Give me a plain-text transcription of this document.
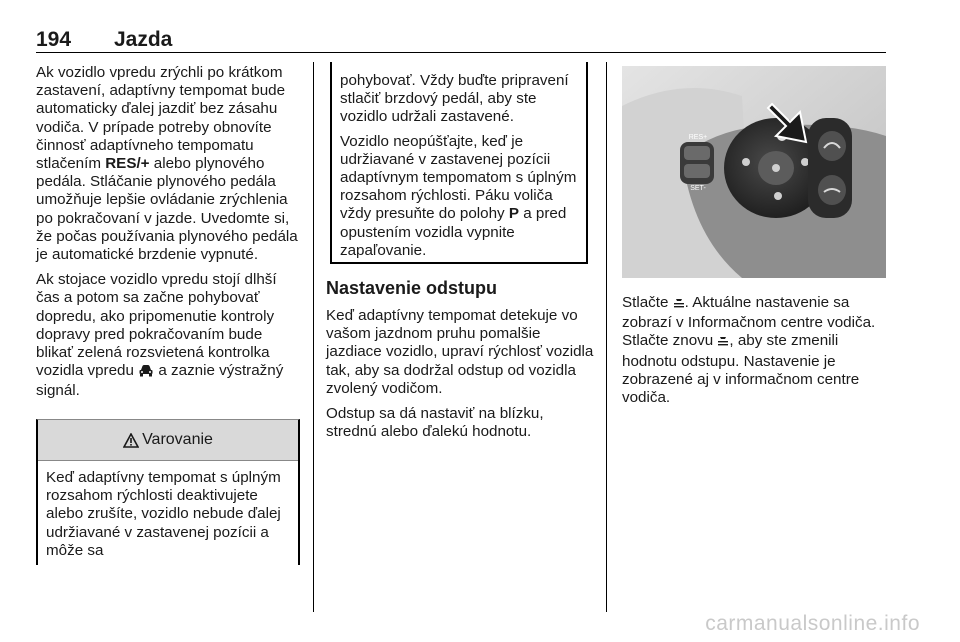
194 Jazda

Ak vozidlo vpredu zrýchli po krátkom zastavení, adaptívny tempomat bude automaticky ďalej jazdiť bez zásahu vodiča. V prípade potreby obnovíte činnosť adaptívneho tempomatu stlačením RES/+ alebo plynového pedála. Stláčanie plynového pedála umožňuje lepšie ovládanie zrýchlenia po pokračovaní v jazde. Uvedomte si, že počas používania plynového pedála je automatické brzdenie vypnuté.

Ak stojace vozidlo vpredu stojí dlhší čas a potom sa začne pohybovať dopredu, ako pripomenutie kontroly dopravy pred pokračovaním bude blikať zelená rozsvietená kontrolka vozidla vpredu  a zaznie výstražný signál.

Varovanie
Keď adaptívny tempomat s úplným rozsahom rýchlosti deaktivujete alebo zrušíte, vozidlo nebude ďalej udržiavané v zastavenej pozícii a môže sa

pohybovať. Vždy buďte pripravení stlačiť brzdový pedál, aby ste vozidlo udržali zastavené.

Vozidlo neopúšťajte, keď je udržiavané v zastavenej pozícii adaptívnym tempomatom s úplným rozsahom rýchlosti. Páku voliča vždy presuňte do polohy P a pred opustením vozidla vypnite zapaľovanie.

Nastavenie odstupu

Keď adaptívny tempomat detekuje vo vašom jazdnom pruhu pomalšie jazdiace vozidlo, upraví rýchlosť vozidla tak, aby sa dodržal odstup od vozidla zvolený vodičom.

Odstup sa dá nastaviť na blízku, strednú alebo ďalekú hodnotu.

RES+
SET-
Stlačte . Aktuálne nastavenie sa zobrazí v Informačnom centre vodiča. Stlačte znovu , aby ste zmenili hodnotu odstupu. Nastavenie je zobrazené aj v informačnom centre vodiča.
carmanualsonline.info
